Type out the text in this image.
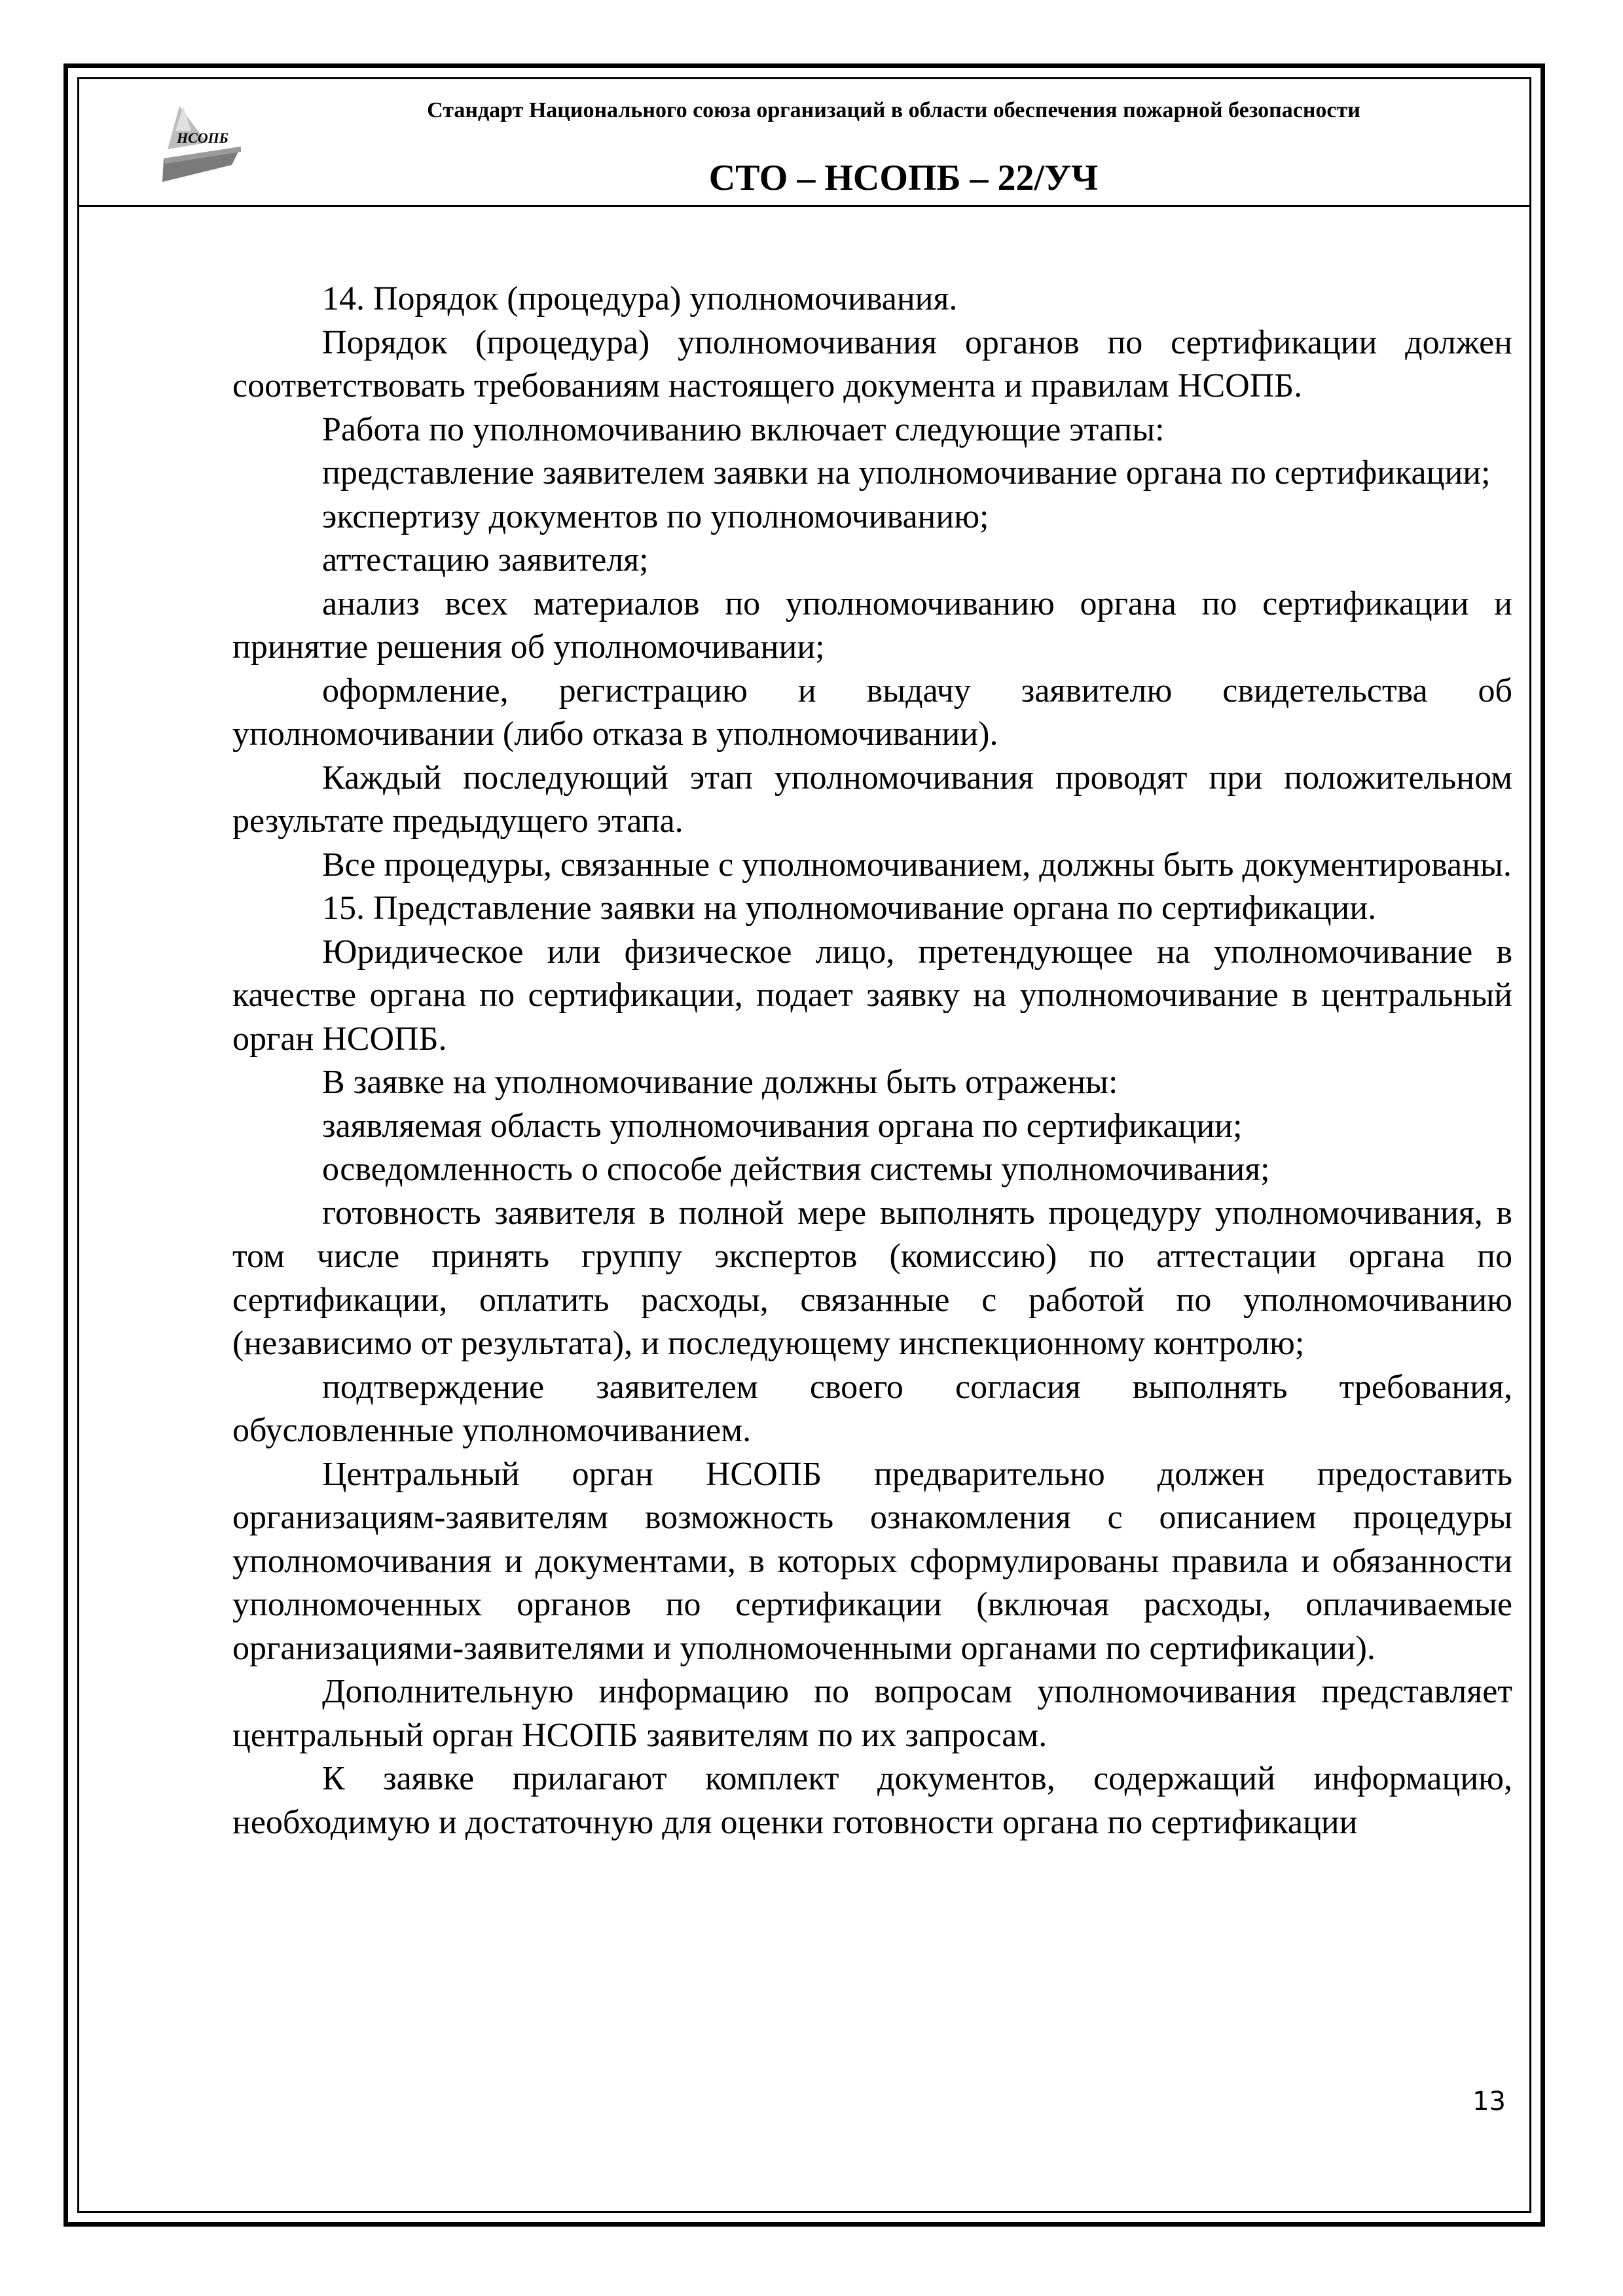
НСОПБ
Стандарт Национального союза организаций в области обеспечения пожарной безопасности
СТО – НСОПБ – 22/УЧ

14. Порядок (процедура) уполномочивания.

Порядок (процедура) уполномочивания органов по сертификации должен соответствовать требованиям настоящего документа и правилам НСОПБ.

Работа по уполномочиванию включает следующие этапы:

представление заявителем заявки на уполномочивание органа по сертификации;

экспертизу документов по уполномочиванию;

аттестацию заявителя;

анализ всех материалов по уполномочиванию органа по сертификации и принятие решения об уполномочивании;

оформление, регистрацию и выдачу заявителю свидетельства об уполномочивании (либо отказа в уполномочивании).

Каждый последующий этап уполномочивания проводят при положительном результате предыдущего этапа.

Все процедуры, связанные с уполномочиванием, должны быть документированы.

15. Представление заявки на уполномочивание органа по сертификации.

Юридическое или физическое лицо, претендующее на уполномочивание в качестве органа по сертификации, подает заявку на уполномочивание в центральный орган НСОПБ.

В заявке на уполномочивание должны быть отражены:

заявляемая область уполномочивания органа по сертификации;

осведомленность о способе действия системы уполномочивания;

готовность заявителя в полной мере выполнять процедуру уполномочивания, в том числе принять группу экспертов (комиссию) по аттестации органа по сертификации, оплатить расходы, связанные с работой по уполномочиванию (независимо от результата), и последующему инспекционному контролю;

подтверждение заявителем своего согласия выполнять требования, обусловленные уполномочиванием.

Центральный орган НСОПБ предварительно должен предоставить организациям-заявителям возможность ознакомления с описанием процедуры уполномочивания и документами, в которых сформулированы правила и обязанности уполномоченных органов по сертификации (включая расходы, оплачиваемые организациями-заявителями и уполномоченными органами по сертификации).

Дополнительную информацию по вопросам уполномочивания представляет центральный орган НСОПБ заявителям по их запросам.

К заявке прилагают комплект документов, содержащий информацию, необходимую и достаточную для оценки готовности органа по сертификации

13
